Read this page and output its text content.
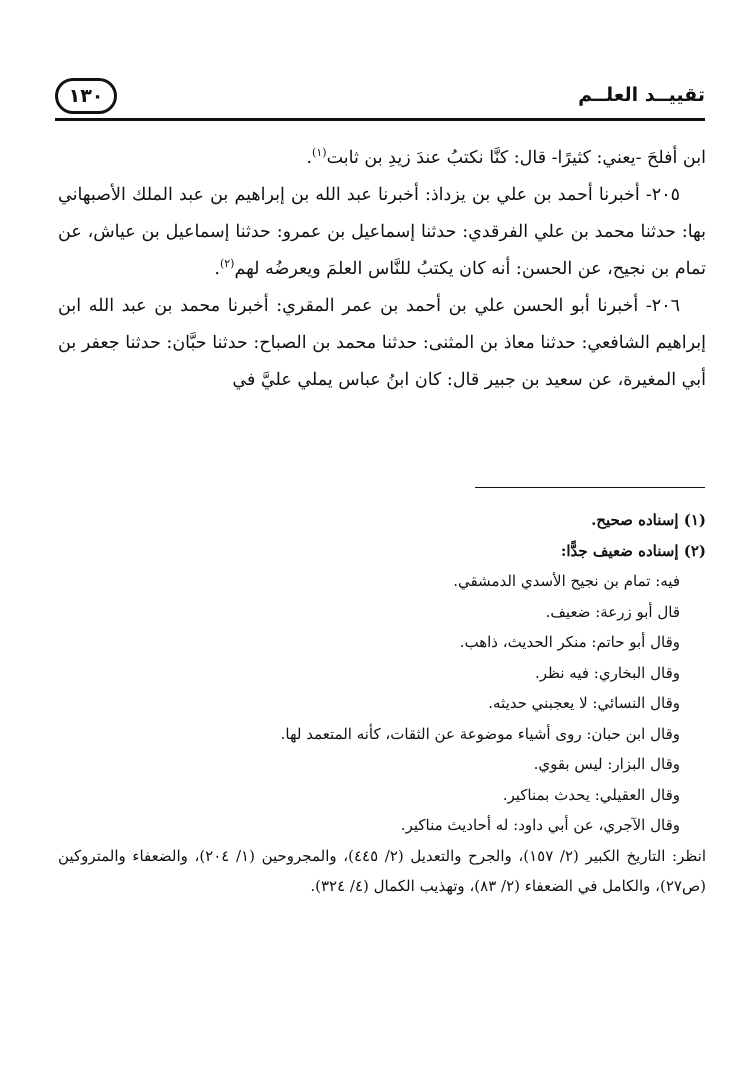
تقييــد العلــم
١٣٠

ابن أفلحَ -يعني: كثيرًا- قال: كنَّا نكتبُ عندَ زيدِ بن ثابت$^{(١)}$.

٢٠٥- أخبرنا أحمد بن علي بن يزداذ: أخبرنا عبد الله بن إبراهيم بن عبد الملك الأصبهاني بها: حدثنا محمد بن علي الفرقدي: حدثنا إسماعيل بن عمرو: حدثنا إسماعيل بن عياش، عن تمام بن نجيح، عن الحسن: أنه كان يكتبُ للنَّاس العلمَ ويعرضُه لهم$^{(٢)}$.

٢٠٦- أخبرنا أبو الحسن علي بن أحمد بن عمر المقري: أخبرنا محمد بن عبد الله ابن إبراهيم الشافعي: حدثنا معاذ بن المثنى: حدثنا محمد بن الصباح: حدثنا حبَّان: حدثنا جعفر بن أبي المغيرة، عن سعيد بن جبير قال: كان ابنُ عباس يملي عليَّ في

(١) إسناده صحيح.

(٢) إسناده ضعيف جدًّا:

فيه: تمام بن نجيح الأسدي الدمشقي.

قال أبو زرعة: ضعيف.

وقال أبو حاتم: منكر الحديث، ذاهب.

وقال البخاري: فيه نظر.

وقال النسائي: لا يعجبني حديثه.

وقال ابن حبان: روى أشياء موضوعة عن الثقات، كأنه المتعمد لها.

وقال البزار: ليس بقوي.

وقال العقيلي: يحدث بمناكير.

وقال الآجري، عن أبي داود: له أحاديث مناكير.

انظر: التاريخ الكبير (٢/ ١٥٧)، والجرح والتعديل (٢/ ٤٤٥)، والمجروحين (١/ ٢٠٤)، والضعفاء والمتروكين (ص٢٧)، والكامل في الضعفاء (٢/ ٨٣)، وتهذيب الكمال (٤/ ٣٢٤).
